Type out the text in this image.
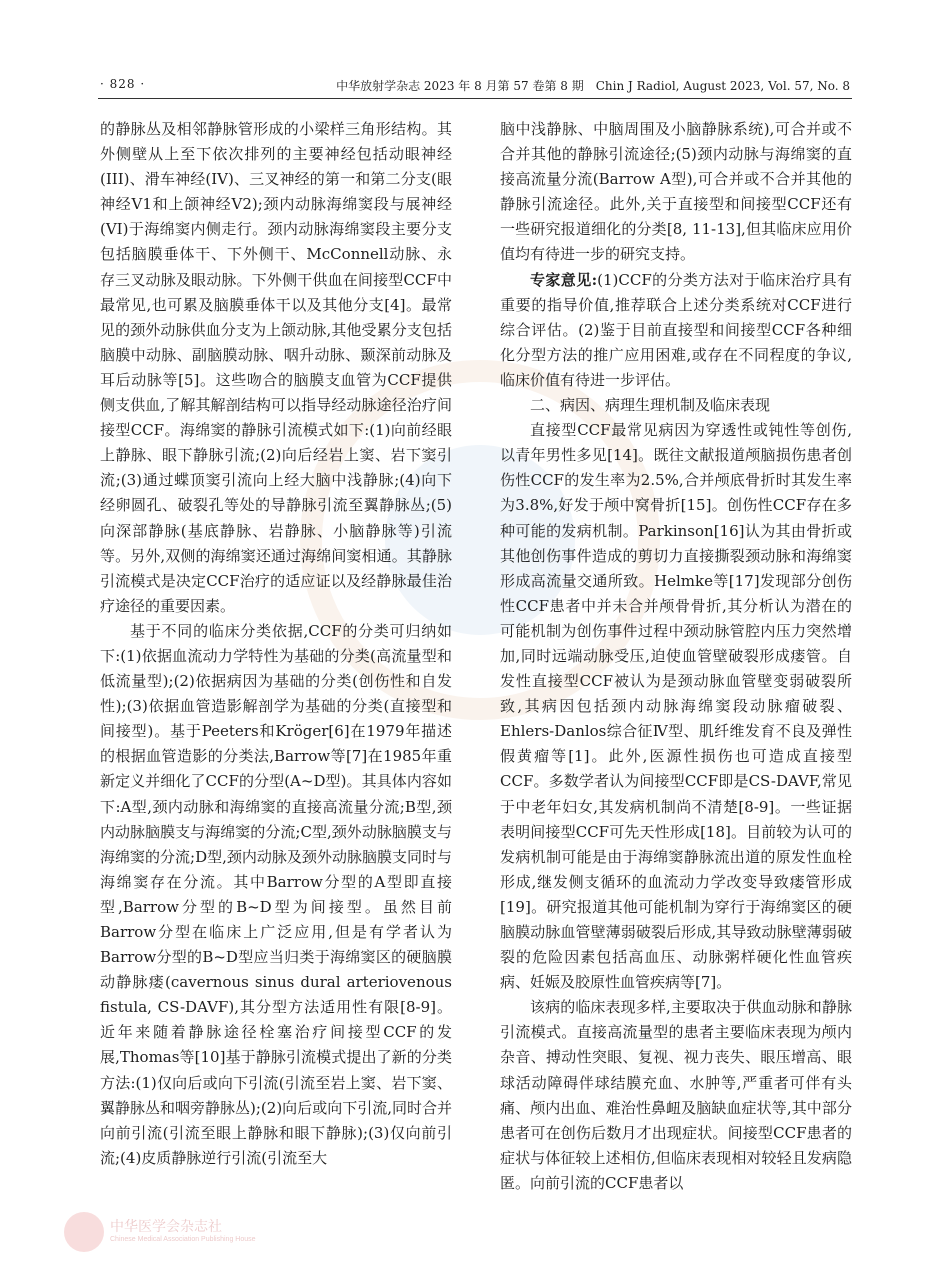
· 828 ·	中华放射学杂志 2023 年 8 月第 57 卷第 8 期　Chin J Radiol, August 2023, Vol. 57, No. 8

的静脉丛及相邻静脉管形成的小梁样三角形结构。其外侧壁从上至下依次排列的主要神经包括动眼神经(III)、滑车神经(IV)、三叉神经的第一和第二分支(眼神经V1和上颌神经V2);颈内动脉海绵窦段与展神经(VI)于海绵窦内侧走行。颈内动脉海绵窦段主要分支包括脑膜垂体干、下外侧干、McConnell动脉、永存三叉动脉及眼动脉。下外侧干供血在间接型CCF中最常见,也可累及脑膜垂体干以及其他分支[4]。最常见的颈外动脉供血分支为上颌动脉,其他受累分支包括脑膜中动脉、副脑膜动脉、咽升动脉、颞深前动脉及耳后动脉等[5]。这些吻合的脑膜支血管为CCF提供侧支供血,了解其解剖结构可以指导经动脉途径治疗间接型CCF。海绵窦的静脉引流模式如下:(1)向前经眼上静脉、眼下静脉引流;(2)向后经岩上窦、岩下窦引流;(3)通过蝶顶窦引流向上经大脑中浅静脉;(4)向下经卵圆孔、破裂孔等处的导静脉引流至翼静脉丛;(5)向深部静脉(基底静脉、岩静脉、小脑静脉等)引流等。另外,双侧的海绵窦还通过海绵间窦相通。其静脉引流模式是决定CCF治疗的适应证以及经静脉最佳治疗途径的重要因素。

基于不同的临床分类依据,CCF的分类可归纳如下:(1)依据血流动力学特性为基础的分类(高流量型和低流量型);(2)依据病因为基础的分类(创伤性和自发性);(3)依据血管造影解剖学为基础的分类(直接型和间接型)。基于Peeters和Kröger[6]在1979年描述的根据血管造影的分类法,Barrow等[7]在1985年重新定义并细化了CCF的分型(A~D型)。其具体内容如下:A型,颈内动脉和海绵窦的直接高流量分流;B型,颈内动脉脑膜支与海绵窦的分流;C型,颈外动脉脑膜支与海绵窦的分流;D型,颈内动脉及颈外动脉脑膜支同时与海绵窦存在分流。其中Barrow分型的A型即直接型,Barrow分型的B~D型为间接型。虽然目前Barrow分型在临床上广泛应用,但是有学者认为Barrow分型的B~D型应当归类于海绵窦区的硬脑膜动静脉瘘(cavernous sinus dural arteriovenous fistula, CS-DAVF),其分型方法适用性有限[8-9]。近年来随着静脉途径栓塞治疗间接型CCF的发展,Thomas等[10]基于静脉引流模式提出了新的分类方法:(1)仅向后或向下引流(引流至岩上窦、岩下窦、翼静脉丛和咽旁静脉丛);(2)向后或向下引流,同时合并向前引流(引流至眼上静脉和眼下静脉);(3)仅向前引流;(4)皮质静脉逆行引流(引流至大

脑中浅静脉、中脑周围及小脑静脉系统),可合并或不合并其他的静脉引流途径;(5)颈内动脉与海绵窦的直接高流量分流(Barrow A型),可合并或不合并其他的静脉引流途径。此外,关于直接型和间接型CCF还有一些研究报道细化的分类[8, 11-13],但其临床应用价值均有待进一步的研究支持。

专家意见:(1)CCF的分类方法对于临床治疗具有重要的指导价值,推荐联合上述分类系统对CCF进行综合评估。(2)鉴于目前直接型和间接型CCF各种细化分型方法的推广应用困难,或存在不同程度的争议,临床价值有待进一步评估。

二、病因、病理生理机制及临床表现

直接型CCF最常见病因为穿透性或钝性等创伤,以青年男性多见[14]。既往文献报道颅脑损伤患者创伤性CCF的发生率为2.5%,合并颅底骨折时其发生率为3.8%,好发于颅中窝骨折[15]。创伤性CCF存在多种可能的发病机制。Parkinson[16]认为其由骨折或其他创伤事件造成的剪切力直接撕裂颈动脉和海绵窦形成高流量交通所致。Helmke等[17]发现部分创伤性CCF患者中并未合并颅骨骨折,其分析认为潜在的可能机制为创伤事件过程中颈动脉管腔内压力突然增加,同时远端动脉受压,迫使血管壁破裂形成瘘管。自发性直接型CCF被认为是颈动脉血管壁变弱破裂所致,其病因包括颈内动脉海绵窦段动脉瘤破裂、Ehlers-Danlos综合征Ⅳ型、肌纤维发育不良及弹性假黄瘤等[1]。此外,医源性损伤也可造成直接型CCF。多数学者认为间接型CCF即是CS-DAVF,常见于中老年妇女,其发病机制尚不清楚[8-9]。一些证据表明间接型CCF可先天性形成[18]。目前较为认可的发病机制可能是由于海绵窦静脉流出道的原发性血栓形成,继发侧支循环的血流动力学改变导致瘘管形成[19]。研究报道其他可能机制为穿行于海绵窦区的硬脑膜动脉血管壁薄弱破裂后形成,其导致动脉壁薄弱破裂的危险因素包括高血压、动脉粥样硬化性血管疾病、妊娠及胶原性血管疾病等[7]。

该病的临床表现多样,主要取决于供血动脉和静脉引流模式。直接高流量型的患者主要临床表现为颅内杂音、搏动性突眼、复视、视力丧失、眼压增高、眼球活动障碍伴球结膜充血、水肿等,严重者可伴有头痛、颅内出血、难治性鼻衄及脑缺血症状等,其中部分患者可在创伤后数月才出现症状。间接型CCF患者的症状与体征较上述相仿,但临床表现相对较轻且发病隐匿。向前引流的CCF患者以

中华医学会杂志社
Chinese Medical Association Publishing House
